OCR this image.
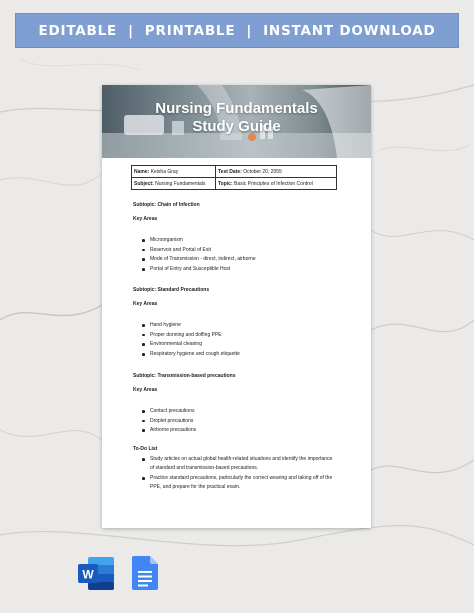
EDITABLE  |  PRINTABLE  |  INSTANT DOWNLOAD
Nursing Fundamentals
Study Guide
Name: Keisha Gray	Test Date: October 20, 2055
Subject: Nursing Fundamentals	Topic: Basic Principles of Infection Control
Subtopic: Chain of Infection
Key Areas
Microorganism
Reservoir and Portal of Exit
Mode of Transmission - direct, indirect, airborne
Portal of Entry and Susceptible Host
Subtopic: Standard Precautions
Key Areas
Hand hygiene
Proper donning and doffing PPE
Environmental cleaning
Respiratory hygiene and cough etiquette
Subtopic: Transmission-based precautions
Key Areas
Contact precautions
Droplet precautions
Airborne precautions
To-Do List
Study articles on actual global health-related situations and identify the importance of standard and transmission-based precautions.
Practice standard precautions, particularly the correct wearing and taking off of the PPE, and prepare for the practical exam.
W
